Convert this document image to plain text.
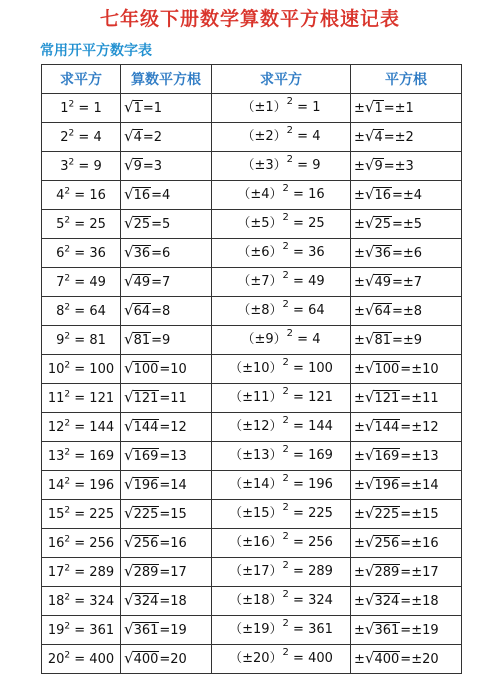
七年级下册数学算数平方根速记表
常用开平方数字表
求平方	算数平方根	求平方	平方根
$1^2 = 1$	√1=1	$(\pm 1)^2 = 1$	±√1=±1
$2^2 = 4$	√4=2	$(\pm 2)^2 = 4$	±√4=±2
$3^2 = 9$	√9=3	$(\pm 3)^2 = 9$	±√9=±3
$4^2 = 16$	√16=4	$(\pm 4)^2 = 16$	±√16=±4
$5^2 = 25$	√25=5	$(\pm 5)^2 = 25$	±√25=±5
$6^2 = 36$	√36=6	$(\pm 6)^2 = 36$	±√36=±6
$7^2 = 49$	√49=7	$(\pm 7)^2 = 49$	±√49=±7
$8^2 = 64$	√64=8	$(\pm 8)^2 = 64$	±√64=±8
$9^2 = 81$	√81=9	$(\pm 9)^2 = 4$	±√81=±9
$10^2 = 100$	√100=10	$(\pm 10)^2 = 100$	±√100=±10
$11^2 = 121$	√121=11	$(\pm 11)^2 = 121$	±√121=±11
$12^2 = 144$	√144=12	$(\pm 12)^2 = 144$	±√144=±12
$13^2 = 169$	√169=13	$(\pm 13)^2 = 169$	±√169=±13
$14^2 = 196$	√196=14	$(\pm 14)^2 = 196$	±√196=±14
$15^2 = 225$	√225=15	$(\pm 15)^2 = 225$	±√225=±15
$16^2 = 256$	√256=16	$(\pm 16)^2 = 256$	±√256=±16
$17^2 = 289$	√289=17	$(\pm 17)^2 = 289$	±√289=±17
$18^2 = 324$	√324=18	$(\pm 18)^2 = 324$	±√324=±18
$19^2 = 361$	√361=19	$(\pm 19)^2 = 361$	±√361=±19
$20^2 = 400$	√400=20	$(\pm 20)^2 = 400$	±√400=±20
